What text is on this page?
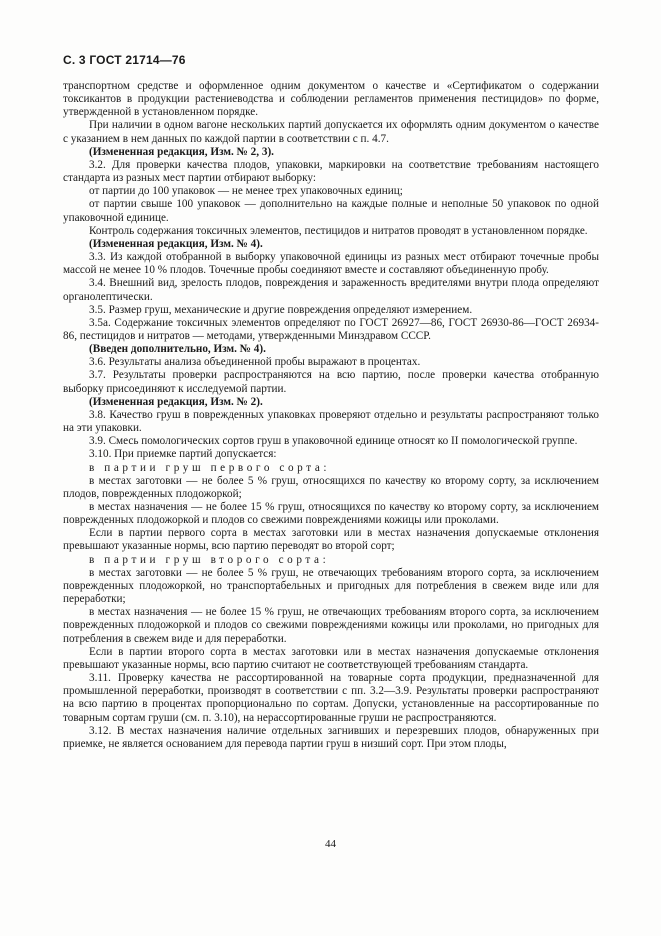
С. 3 ГОСТ 21714—76

транспортном средстве и оформленное одним документом о качестве и «Сертификатом о содержании токсикантов в продукции растениеводства и соблюдении регламентов применения пестицидов» по форме, утвержденной в установленном порядке.

При наличии в одном вагоне нескольких партий допускается их оформлять одним документом о качестве с указанием в нем данных по каждой партии в соответствии с п. 4.7.

(Измененная редакция, Изм. № 2, 3).

3.2. Для проверки качества плодов, упаковки, маркировки на соответствие требованиям настоящего стандарта из разных мест партии отбирают выборку:

от партии до 100 упаковок — не менее трех упаковочных единиц;

от партии свыше 100 упаковок — дополнительно на каждые полные и неполные 50 упаковок по одной упаковочной единице.

Контроль содержания токсичных элементов, пестицидов и нитратов проводят в установленном порядке.

(Измененная редакция, Изм. № 4).

3.3. Из каждой отобранной в выборку упаковочной единицы из разных мест отбирают точечные пробы массой не менее 10 % плодов. Точечные пробы соединяют вместе и составляют объединенную пробу.

3.4. Внешний вид, зрелость плодов, повреждения и зараженность вредителями внутри плода определяют органолептически.

3.5. Размер груш, механические и другие повреждения определяют измерением.

3.5а. Содержание токсичных элементов определяют по ГОСТ 26927—86, ГОСТ 26930-86—ГОСТ 26934-86, пестицидов и нитратов — методами, утвержденными Минздравом СССР.

(Введен дополнительно, Изм. № 4).

3.6. Результаты анализа объединенной пробы выражают в процентах.

3.7. Результаты проверки распространяются на всю партию, после проверки качества отобранную выборку присоединяют к исследуемой партии.

(Измененная редакция, Изм. № 2).

3.8. Качество груш в поврежденных упаковках проверяют отдельно и результаты распространяют только на эти упаковки.

3.9. Смесь помологических сортов груш в упаковочной единице относят ко II помологической группе.

3.10. При приемке партий допускается:

в партии груш первого сорта:

в местах заготовки — не более 5 % груш, относящихся по качеству ко второму сорту, за исключением плодов, поврежденных плодожоркой;

в местах назначения — не более 15 % груш, относящихся по качеству ко второму сорту, за исключением поврежденных плодожоркой и плодов со свежими повреждениями кожицы или проколами.

Если в партии первого сорта в местах заготовки или в местах назначения допускаемые отклонения превышают указанные нормы, всю партию переводят во второй сорт;

в партии груш второго сорта:

в местах заготовки — не более 5 % груш, не отвечающих требованиям второго сорта, за исключением поврежденных плодожоркой, но транспортабельных и пригодных для потребления в свежем виде или для переработки;

в местах назначения — не более 15 % груш, не отвечающих требованиям второго сорта, за исключением поврежденных плодожоркой и плодов со свежими повреждениями кожицы или проколами, но пригодных для потребления в свежем виде и для переработки.

Если в партии второго сорта в местах заготовки или в местах назначения допускаемые отклонения превышают указанные нормы, всю партию считают не соответствующей требованиям стандарта.

3.11. Проверку качества не рассортированной на товарные сорта продукции, предназначенной для промышленной переработки, производят в соответствии с пп. 3.2—3.9. Результаты проверки распространяют на всю партию в процентах пропорционально по сортам. Допуски, установленные на рассортированные по товарным сортам груши (см. п. 3.10), на нерассортированные груши не распространяются.

3.12. В местах назначения наличие отдельных загнивших и перезревших плодов, обнаруженных при приемке, не является основанием для перевода партии груш в низший сорт. При этом плоды,

44
